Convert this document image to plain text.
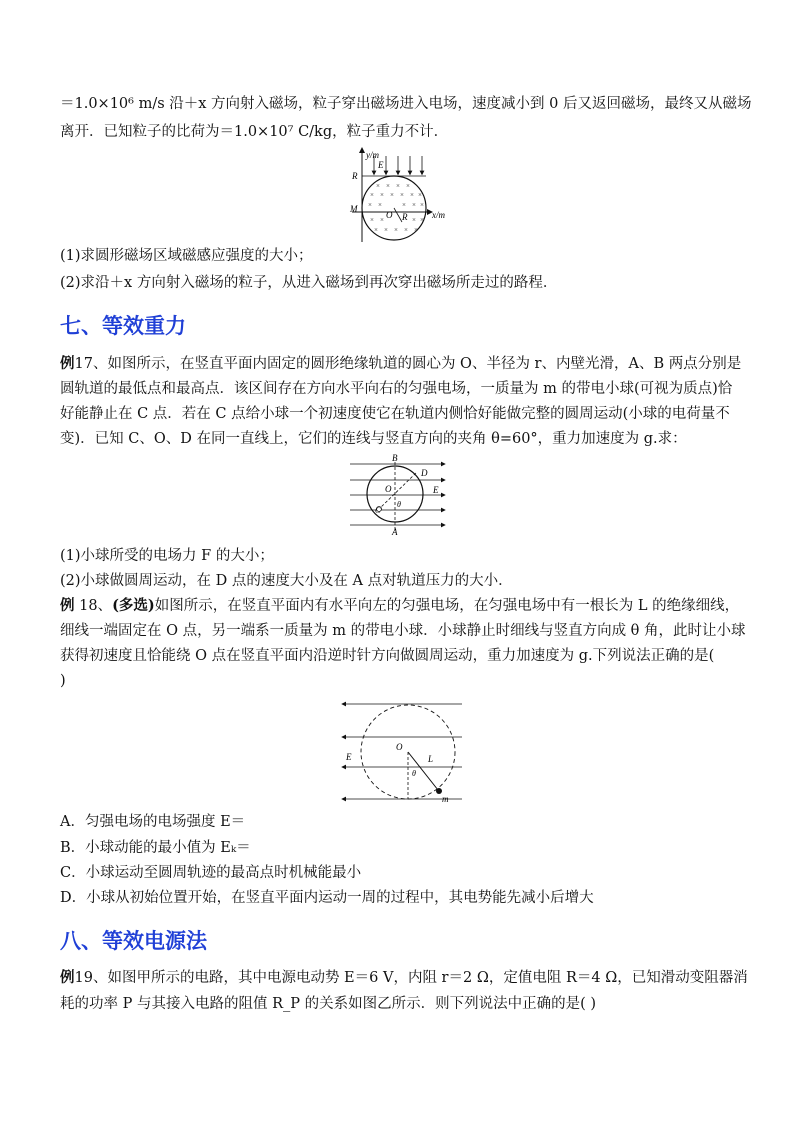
＝1.0×10⁶ m/s 沿＋x 方向射入磁场，粒子穿出磁场进入电场，速度减小到 0 后又返回磁场，最终又从磁场
离开．已知粒子的比荷为＝1.0×10⁷ C/kg，粒子重力不计．
× × × ×
× × × × × ×
× ×	× × ×
× ×	× ×
× × × × ×
y/m
x/m
R
E
M
O R
(1)求圆形磁场区域磁感应强度的大小；
(2)求沿＋x 方向射入磁场的粒子，从进入磁场到再次穿出磁场所走过的路程．
七、等效重力
例17、如图所示，在竖直平面内固定的圆形绝缘轨道的圆心为 O、半径为 r、内壁光滑，A、B 两点分别是
圆轨道的最低点和最高点．该区间存在方向水平向右的匀强电场，一质量为 m 的带电小球(可视为质点)恰
好能静止在 C 点．若在 C 点给小球一个初速度使它在轨道内侧恰好能做完整的圆周运动(小球的电荷量不
变)．已知 C、O、D 在同一直线上，它们的连线与竖直方向的夹角 θ=60°，重力加速度为 g.求：
B
D
O	E
θ
C
A
(1)小球所受的电场力 F 的大小；
(2)小球做圆周运动，在 D 点的速度大小及在 A 点对轨道压力的大小．
例 18、(多选)如图所示，在竖直平面内有水平向左的匀强电场，在匀强电场中有一根长为 L 的绝缘细线，
细线一端固定在 O 点，另一端系一质量为 m 的带电小球．小球静止时细线与竖直方向成 θ 角，此时让小球
获得初速度且恰能绕 O 点在竖直平面内沿逆时针方向做圆周运动，重力加速度为 g.下列说法正确的是(
)
O
E	L
θ
m
A．匀强电场的电场强度 E＝
B．小球动能的最小值为 Eₖ＝
C．小球运动至圆周轨迹的最高点时机械能最小
D．小球从初始位置开始，在竖直平面内运动一周的过程中，其电势能先减小后增大
八、等效电源法
例19、如图甲所示的电路，其中电源电动势 E＝6 V，内阻 r＝2 Ω，定值电阻 R＝4 Ω，已知滑动变阻器消
耗的功率 P 与其接入电路的阻值 R_P 的关系如图乙所示．则下列说法中正确的是( )
